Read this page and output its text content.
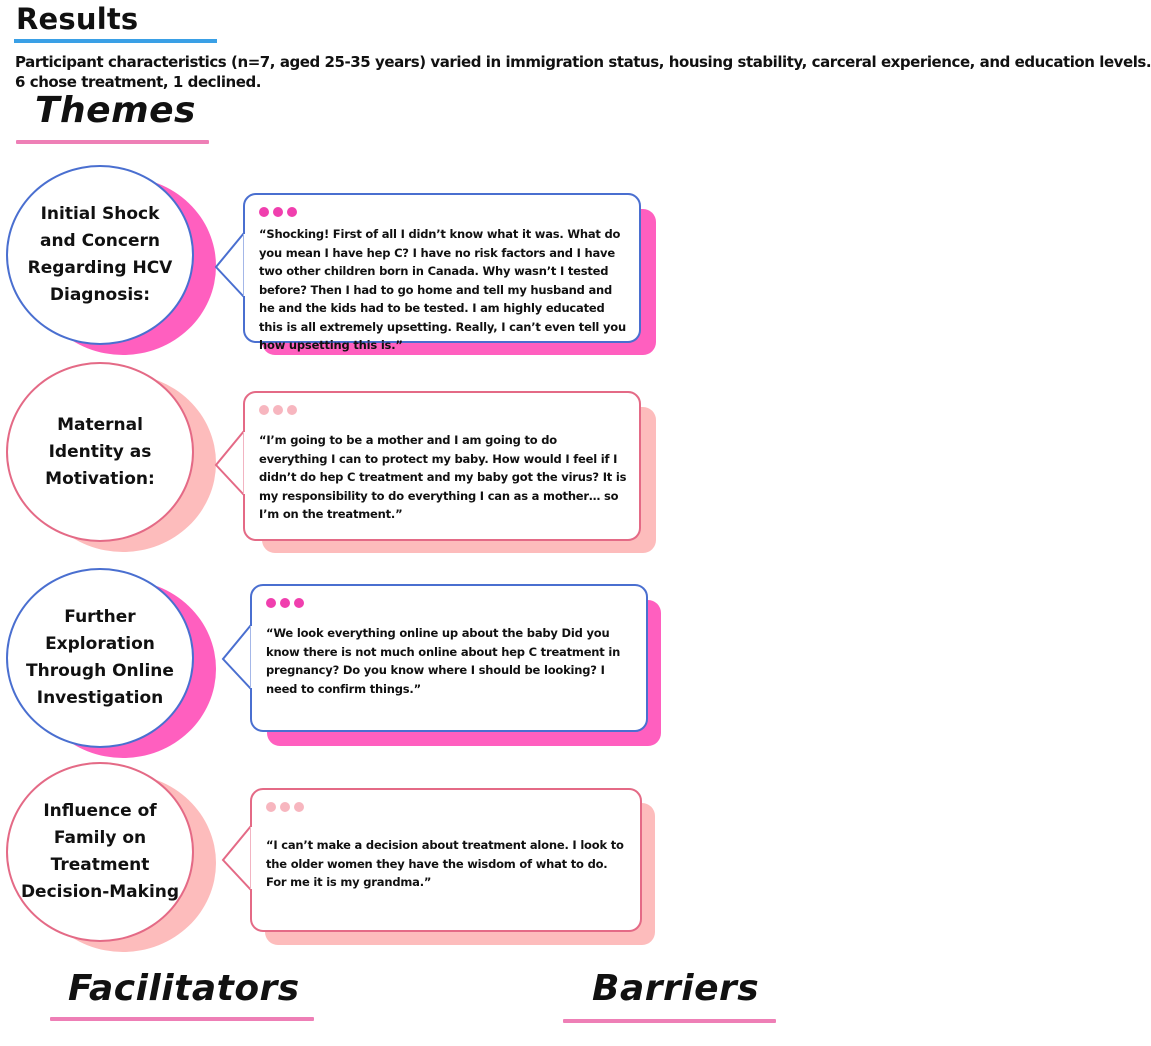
Results
Participant characteristics (n=7, aged 25-35 years) varied in immigration status, housing stability, carceral experience, and education levels.
6 chose treatment, 1 declined.
Themes
Initial Shock
and Concern
Regarding HCV
Diagnosis:
“Shocking! First of all I didn’t know what it was. What do you mean I have hep C? I have no risk factors and I have two other children born in Canada. Why wasn’t I tested before? Then I had to go home and tell my husband and he and the kids had to be tested. I am highly educated this is all extremely upsetting. Really, I can’t even tell you how upsetting this is.”
Maternal
Identity as
Motivation:
“I’m going to be a mother and I am going to do everything I can to protect my baby. How would I feel if I didn’t do hep C treatment and my baby got the virus? It is my responsibility to do everything I can as a mother… so I’m on the treatment.”
Further
Exploration
Through Online
Investigation
“We look everything online up about the baby Did you know there is not much online about hep C treatment in pregnancy? Do you know where I should be looking? I need to confirm things.”
Influence of
Family on
Treatment
Decision-Making
“I can’t make a decision about treatment alone. I look to the older women they have the wisdom of what to do. For me it is my grandma.”
Facilitators	Barriers
